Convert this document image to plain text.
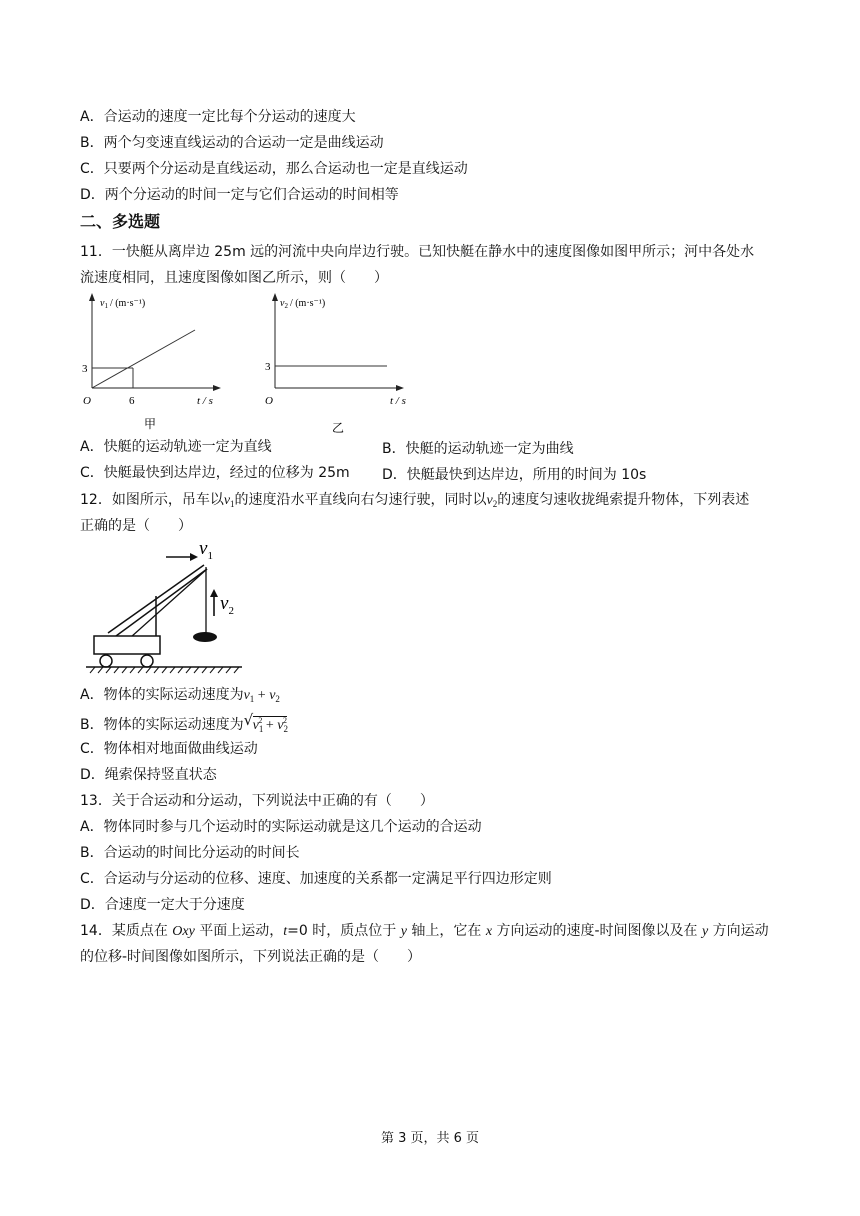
A．合运动的速度一定比每个分运动的速度大
B．两个匀变速直线运动的合运动一定是曲线运动
C．只要两个分运动是直线运动，那么合运动也一定是直线运动
D．两个分运动的时间一定与它们合运动的时间相等
二、多选题
11．一快艇从离岸边 25m 远的河流中央向岸边行驶。已知快艇在静水中的速度图像如图甲所示；河中各处水
流速度相同，且速度图像如图乙所示，则（　　）
$v_1 / (m\cdot s^{-1})$
3
6
O	t / s
甲
$v_2 / (m\cdot s^{-1})$
3
O	t / s
乙
A．快艇的运动轨迹一定为直线	B．快艇的运动轨迹一定为曲线
C．快艇最快到达岸边，经过的位移为 25m D．快艇最快到达岸边，所用的时间为 10s
12．如图所示，吊车以$v_1$的速度沿水平直线向右匀速行驶，同时以$v_2$的速度匀速收拢绳索提升物体，下列表述
正确的是（　　）
$v_1$
$v_2$
A．物体的实际运动速度为$v_1 + v_2$
B．物体的实际运动速度为 √ $v_1^2 + v_2^2$
C．物体相对地面做曲线运动
D．绳索保持竖直状态
13．关于合运动和分运动，下列说法中正确的有（　　）
A．物体同时参与几个运动时的实际运动就是这几个运动的合运动
B．合运动的时间比分运动的时间长
C．合运动与分运动的位移、速度、加速度的关系都一定满足平行四边形定则
D．合速度一定大于分速度
14．某质点在 Oxy 平面上运动，t=0 时，质点位于 y 轴上，它在 x 方向运动的速度-时间图像以及在 y 方向运动
的位移-时间图像如图所示，下列说法正确的是（　　）
第 3 页，共 6 页
